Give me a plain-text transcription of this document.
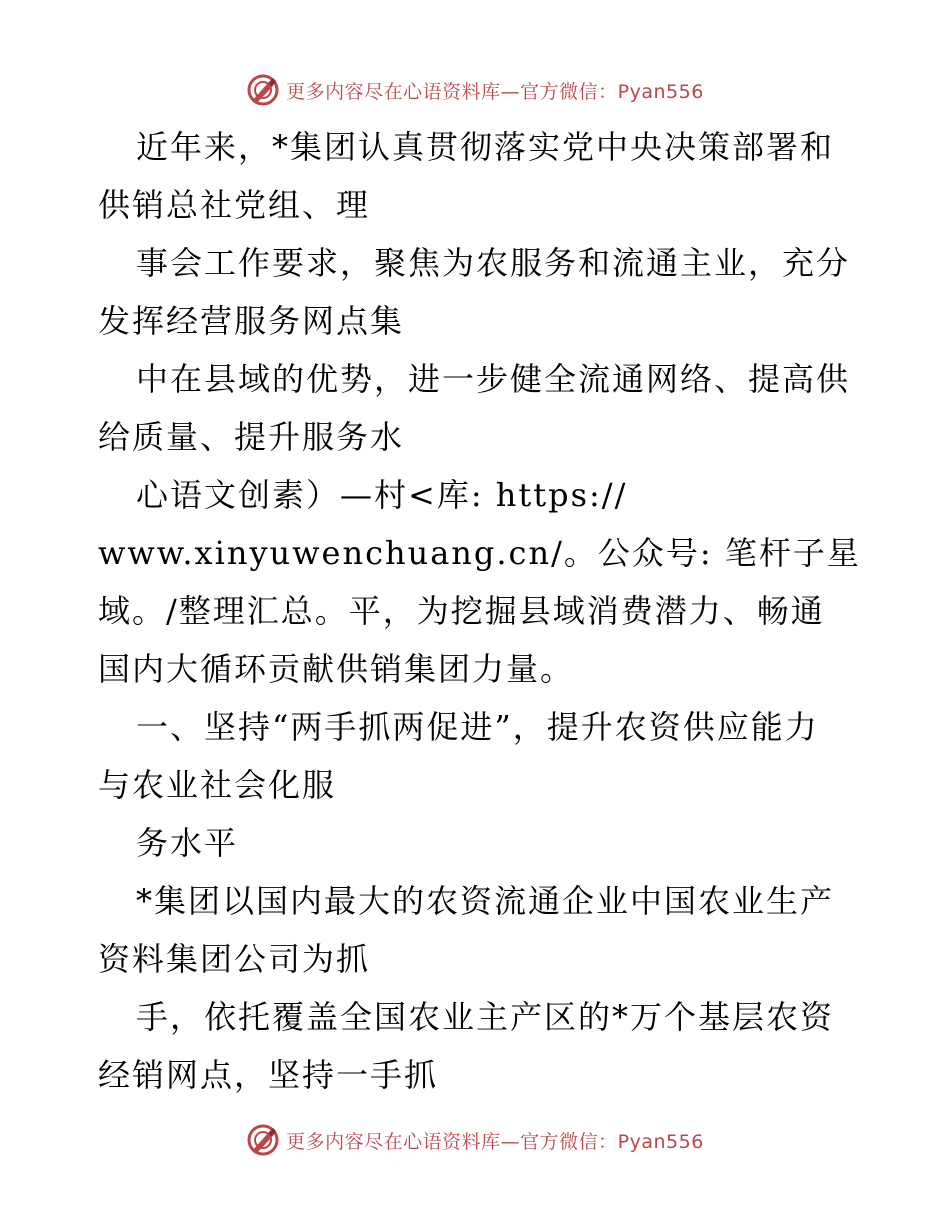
更多内容尽在心语资料库—官方微信：Pyan556
近年来，*集团认真贯彻落实党中央决策部署和
供销总社党组、理
事会工作要求，聚焦为农服务和流通主业，充分
发挥经营服务网点集
中在县域的优势，进一步健全流通网络、提高供
给质量、提升服务水
心语文创素）—村<库: https://
www.xinyuwenchuang.cn/。公众号: 笔杆子星
域。/整理汇总。平，为挖掘县域消费潜力、畅通
国内大循环贡献供销集团力量。
一、坚持“两手抓两促进”，提升农资供应能力
与农业社会化服
务水平
*集团以国内最大的农资流通企业中国农业生产
资料集团公司为抓
手，依托覆盖全国农业主产区的*万个基层农资
经销网点，坚持一手抓
更多内容尽在心语资料库—官方微信：Pyan556
